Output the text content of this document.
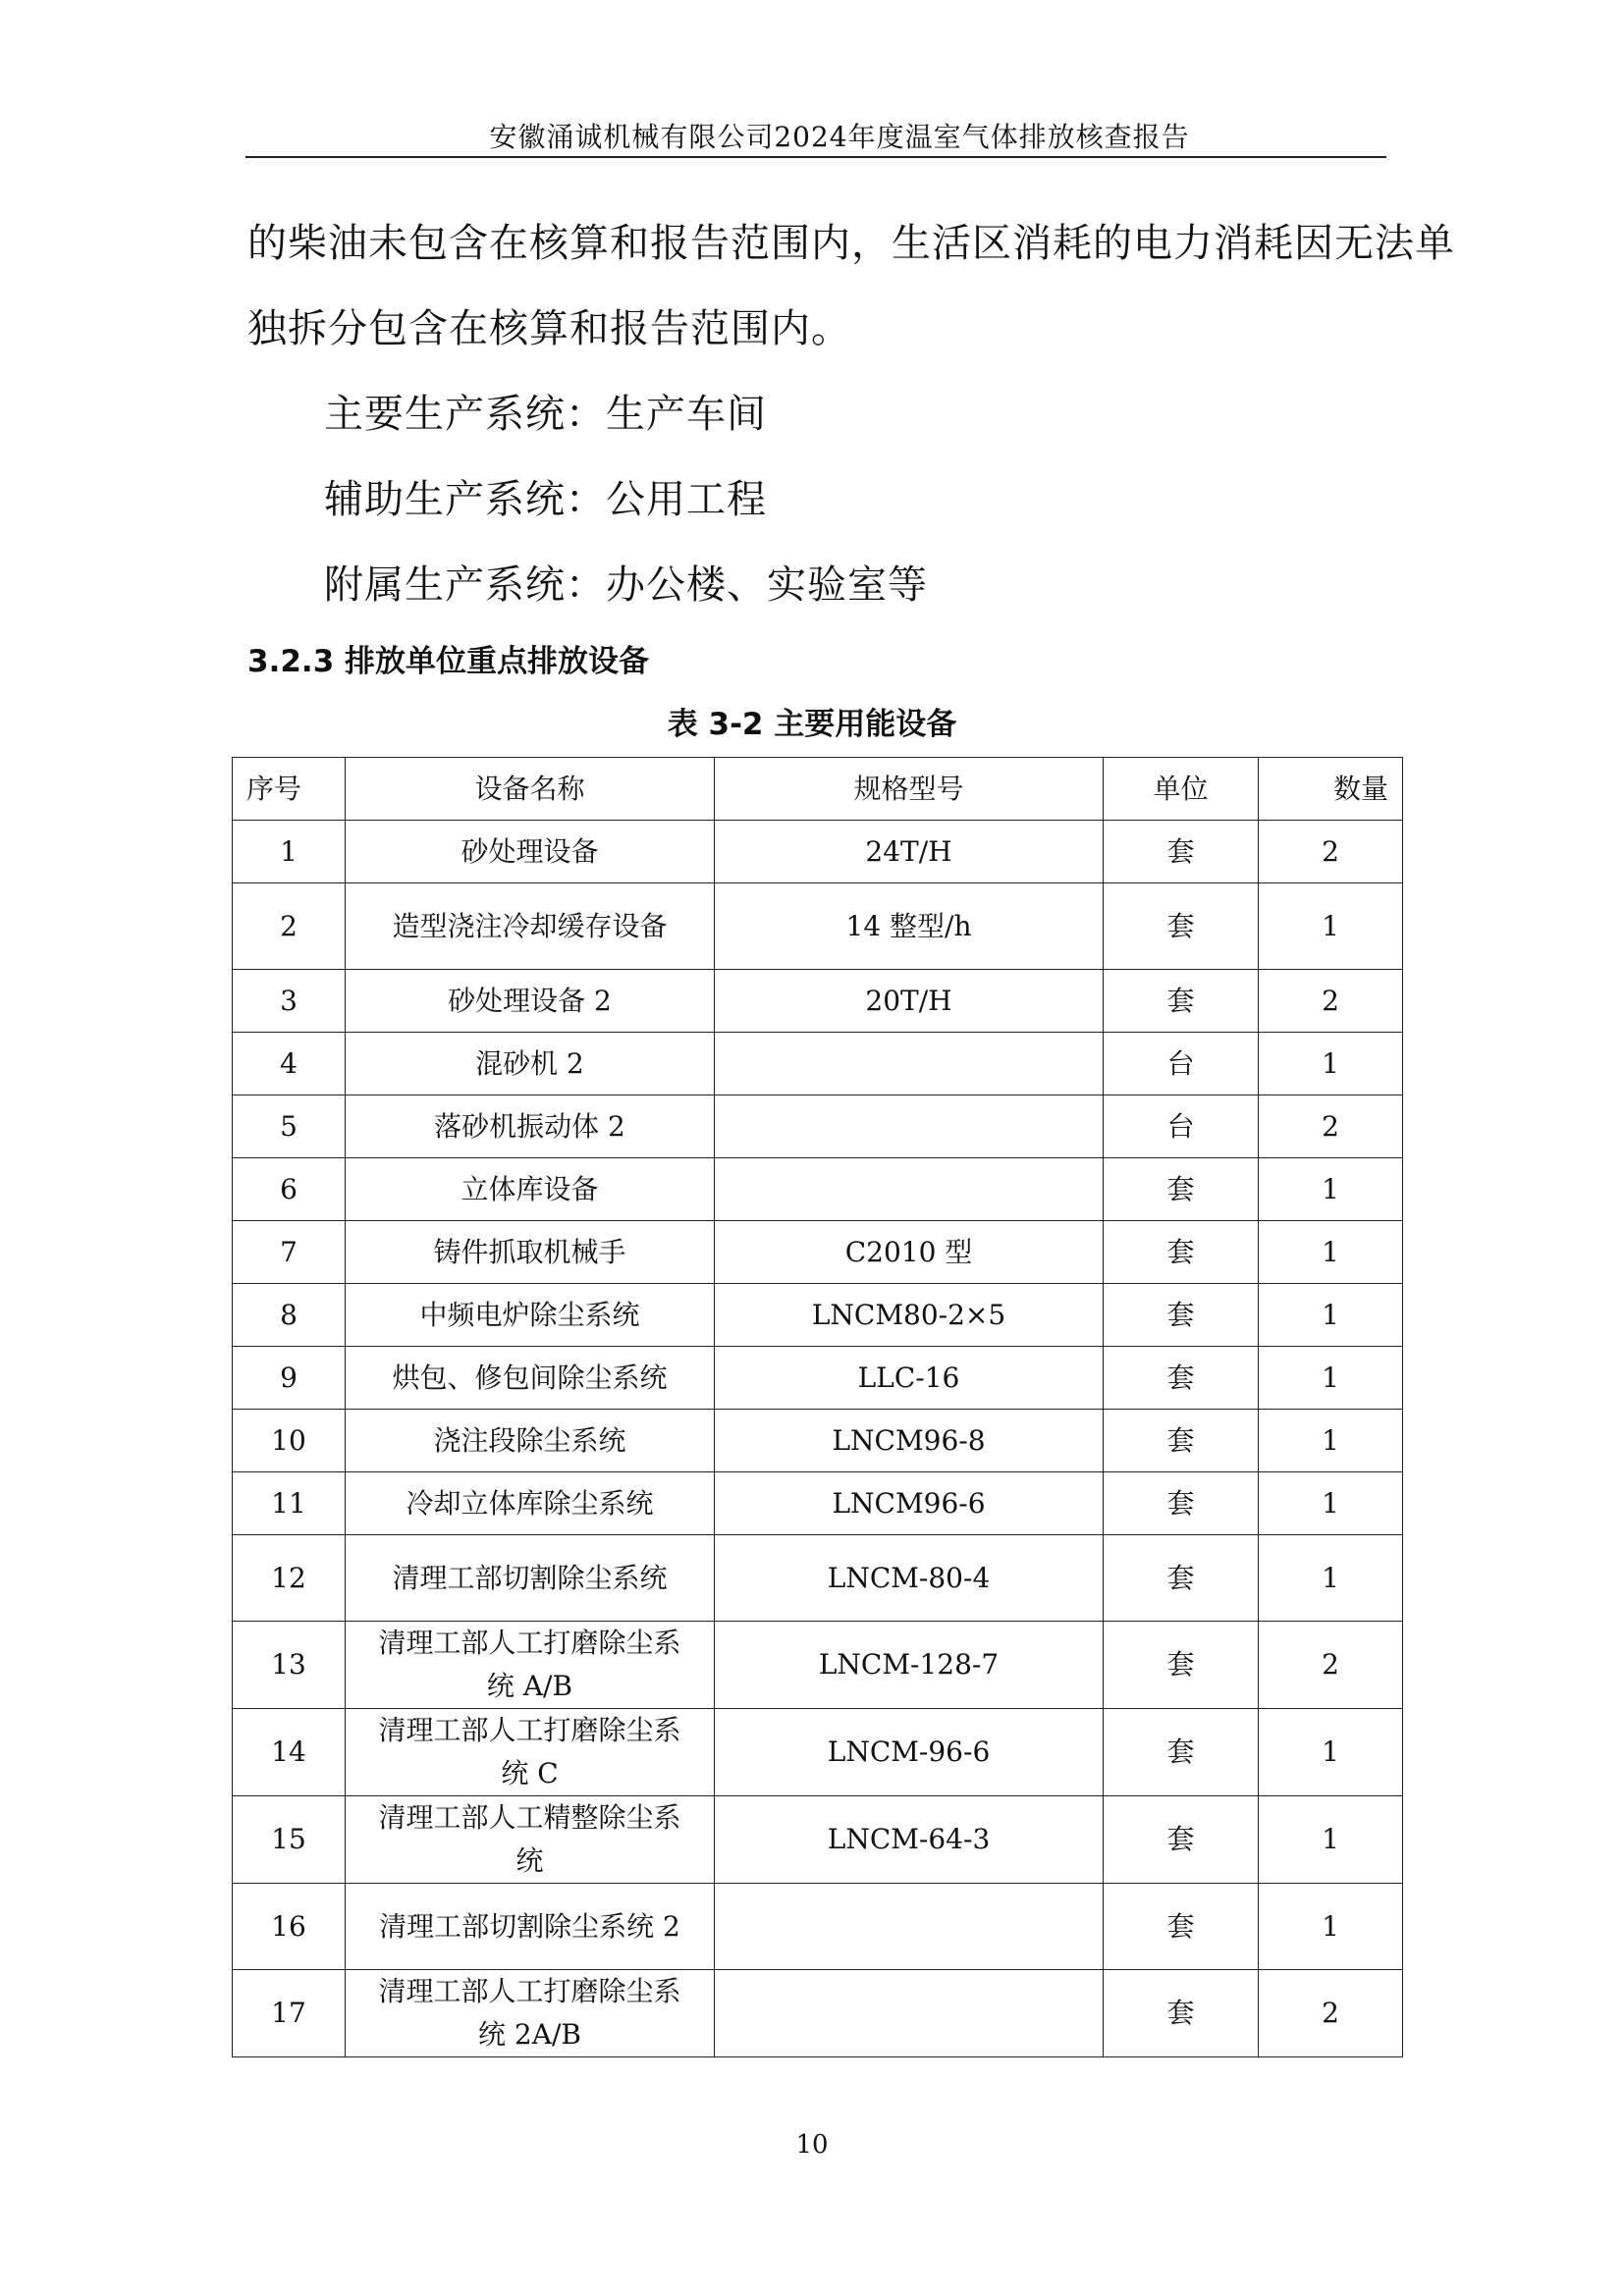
安徽涌诚机械有限公司2024年度温室气体排放核查报告
的柴油未包含在核算和报告范围内，生活区消耗的电力消耗因无法单
独拆分包含在核算和报告范围内。
主要生产系统：生产车间
辅助生产系统：公用工程
附属生产系统：办公楼、实验室等
3.2.3 排放单位重点排放设备
表 3-2 主要用能设备
序号	设备名称	规格型号	单位	数量
1	砂处理设备	24T/H	套	2
2	造型浇注冷却缓存设备	14 整型/h	套	1
3	砂处理设备 2	20T/H	套	2
4	混砂机 2		台	1
5	落砂机振动体 2		台	2
6	立体库设备		套	1
7	铸件抓取机械手	C2010 型	套	1
8	中频电炉除尘系统	LNCM80-2×5	套	1
9	烘包、修包间除尘系统	LLC-16	套	1
10	浇注段除尘系统	LNCM96-8	套	1
11	冷却立体库除尘系统	LNCM96-6	套	1
12	清理工部切割除尘系统	LNCM-80-4	套	1
13	清理工部人工打磨除尘系统 A/B	LNCM-128-7	套	2
14	清理工部人工打磨除尘系统 C	LNCM-96-6	套	1
15	清理工部人工精整除尘系统	LNCM-64-3	套	1
16	清理工部切割除尘系统 2		套	1
17	清理工部人工打磨除尘系统 2A/B		套	2
10
